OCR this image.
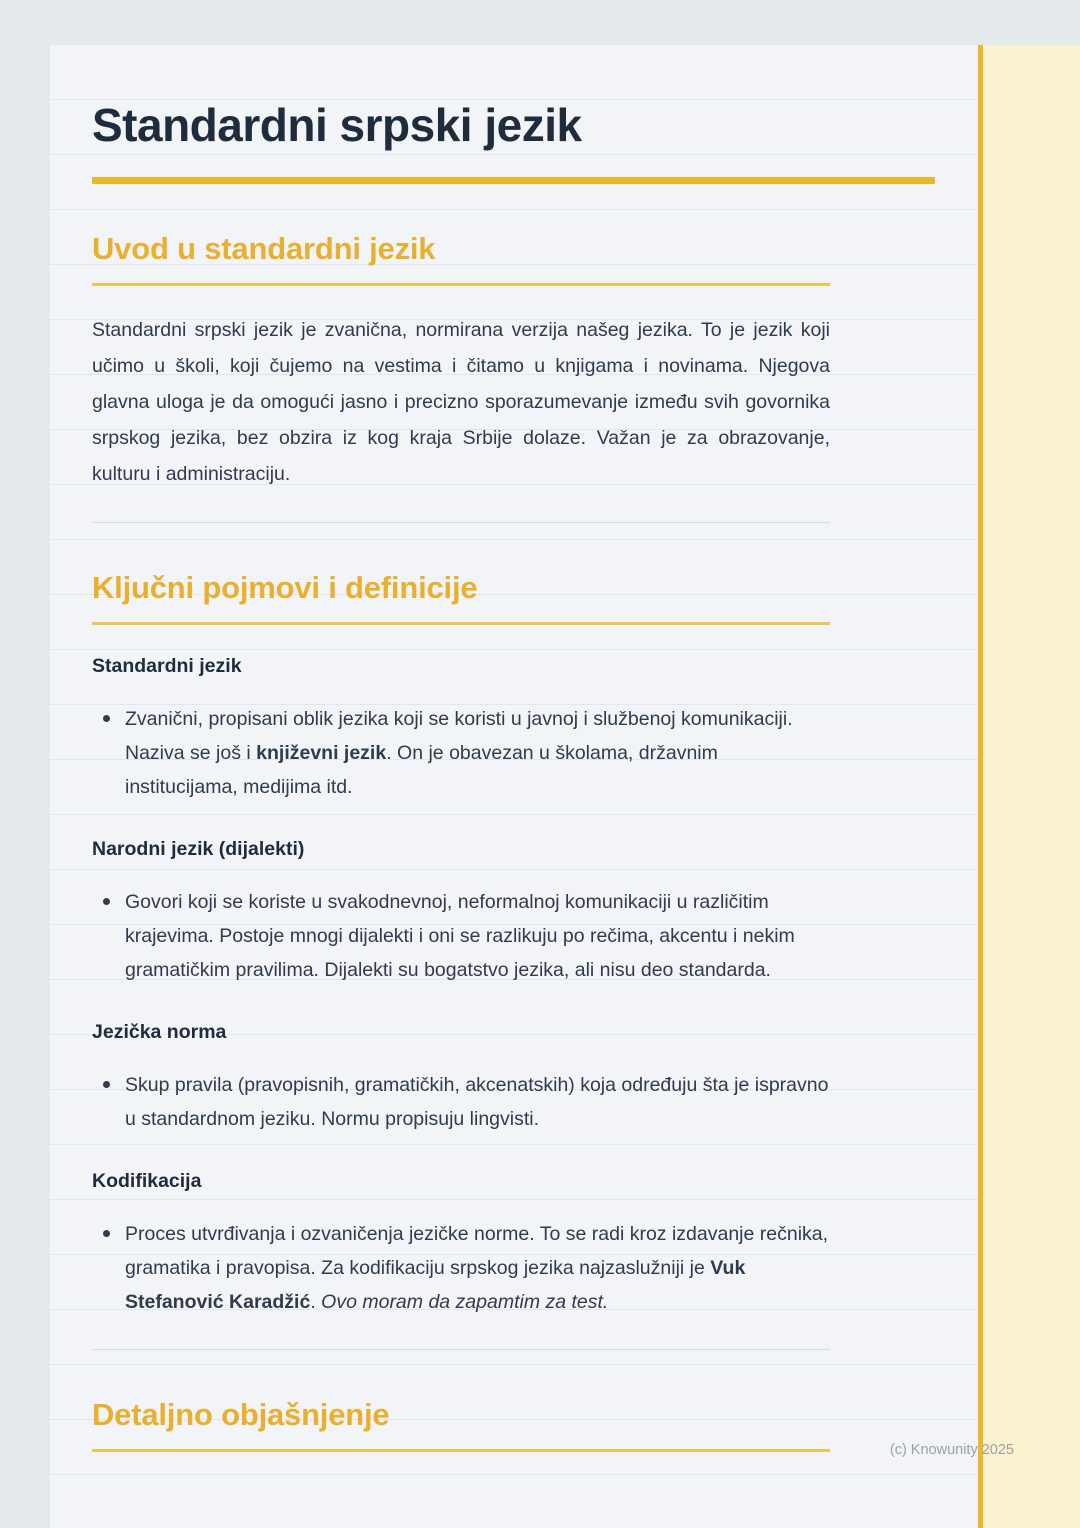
Standardni srpski jezik
Uvod u standardni jezik

Standardni srpski jezik je zvanična, normirana verzija našeg jezika. To je jezik koji učimo u školi, koji čujemo na vestima i čitamo u knjigama i novinama. Njegova glavna uloga je da omogući jasno i precizno sporazumevanje između svih govornika srpskog jezika, bez obzira iz kog kraja Srbije dolaze. Važan je za obrazovanje, kulturu i administraciju.

Ključni pojmovi i definicije
Standardni jezik
Zvanični, propisani oblik jezika koji se koristi u javnoj i službenoj komunikaciji. Naziva se još i književni jezik. On je obavezan u školama, državnim institucijama, medijima itd.
Narodni jezik (dijalekti)
Govori koji se koriste u svakodnevnoj, neformalnoj komunikaciji u različitim krajevima. Postoje mnogi dijalekti i oni se razlikuju po rečima, akcentu i nekim gramatičkim pravilima. Dijalekti su bogatstvo jezika, ali nisu deo standarda.
Jezička norma
Skup pravila (pravopisnih, gramatičkih, akcenatskih) koja određuju šta je ispravno u standardnom jeziku. Normu propisuju lingvisti.
Kodifikacija
Proces utvrđivanja i ozvaničenja jezičke norme. To se radi kroz izdavanje rečnika, gramatika i pravopisa. Za kodifikaciju srpskog jezika najzaslužniji je Vuk Stefanović Karadžić. Ovo moram da zapamtim za test.
Detaljno objašnjenje
(c) Knowunity 2025
